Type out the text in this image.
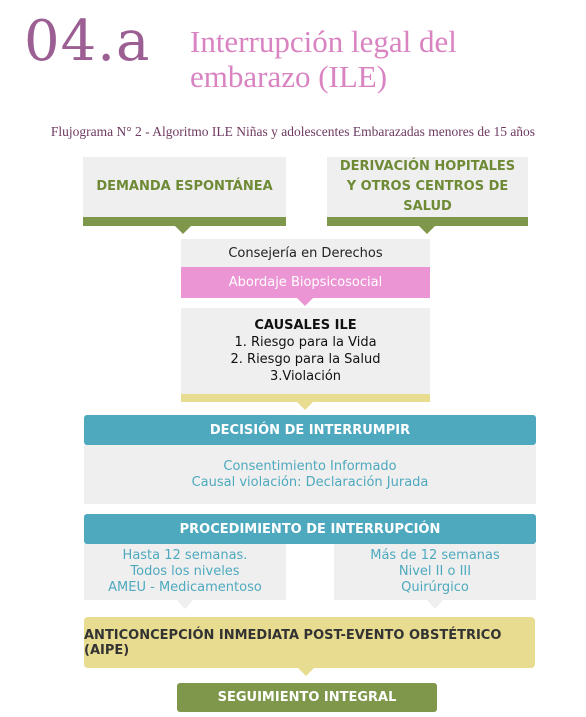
04.a Interrupción legal del embarazo (ILE)
Flujograma N° 2 - Algoritmo ILE Niñas y adolescentes Embarazadas menores de 15 años
DEMANDA ESPONTÁNEA
DERIVACIÓN HOPITALES Y OTROS CENTROS DE SALUD
Consejería en Derechos
Abordaje Biopsicosocial
CAUSALES ILE
1. Riesgo para la Vida
2. Riesgo para la Salud
3.Violación
DECISIÓN DE INTERRUMPIR
Consentimiento Informado
Causal violación: Declaración Jurada
PROCEDIMIENTO DE INTERRUPCIÓN
Hasta 12 semanas.
Todos los niveles
AMEU - Medicamentoso
Más de 12 semanas
Nivel II o III
Quirúrgico
ANTICONCEPCIÓN INMEDIATA POST-EVENTO OBSTÉTRICO (AIPE)
SEGUIMIENTO INTEGRAL
